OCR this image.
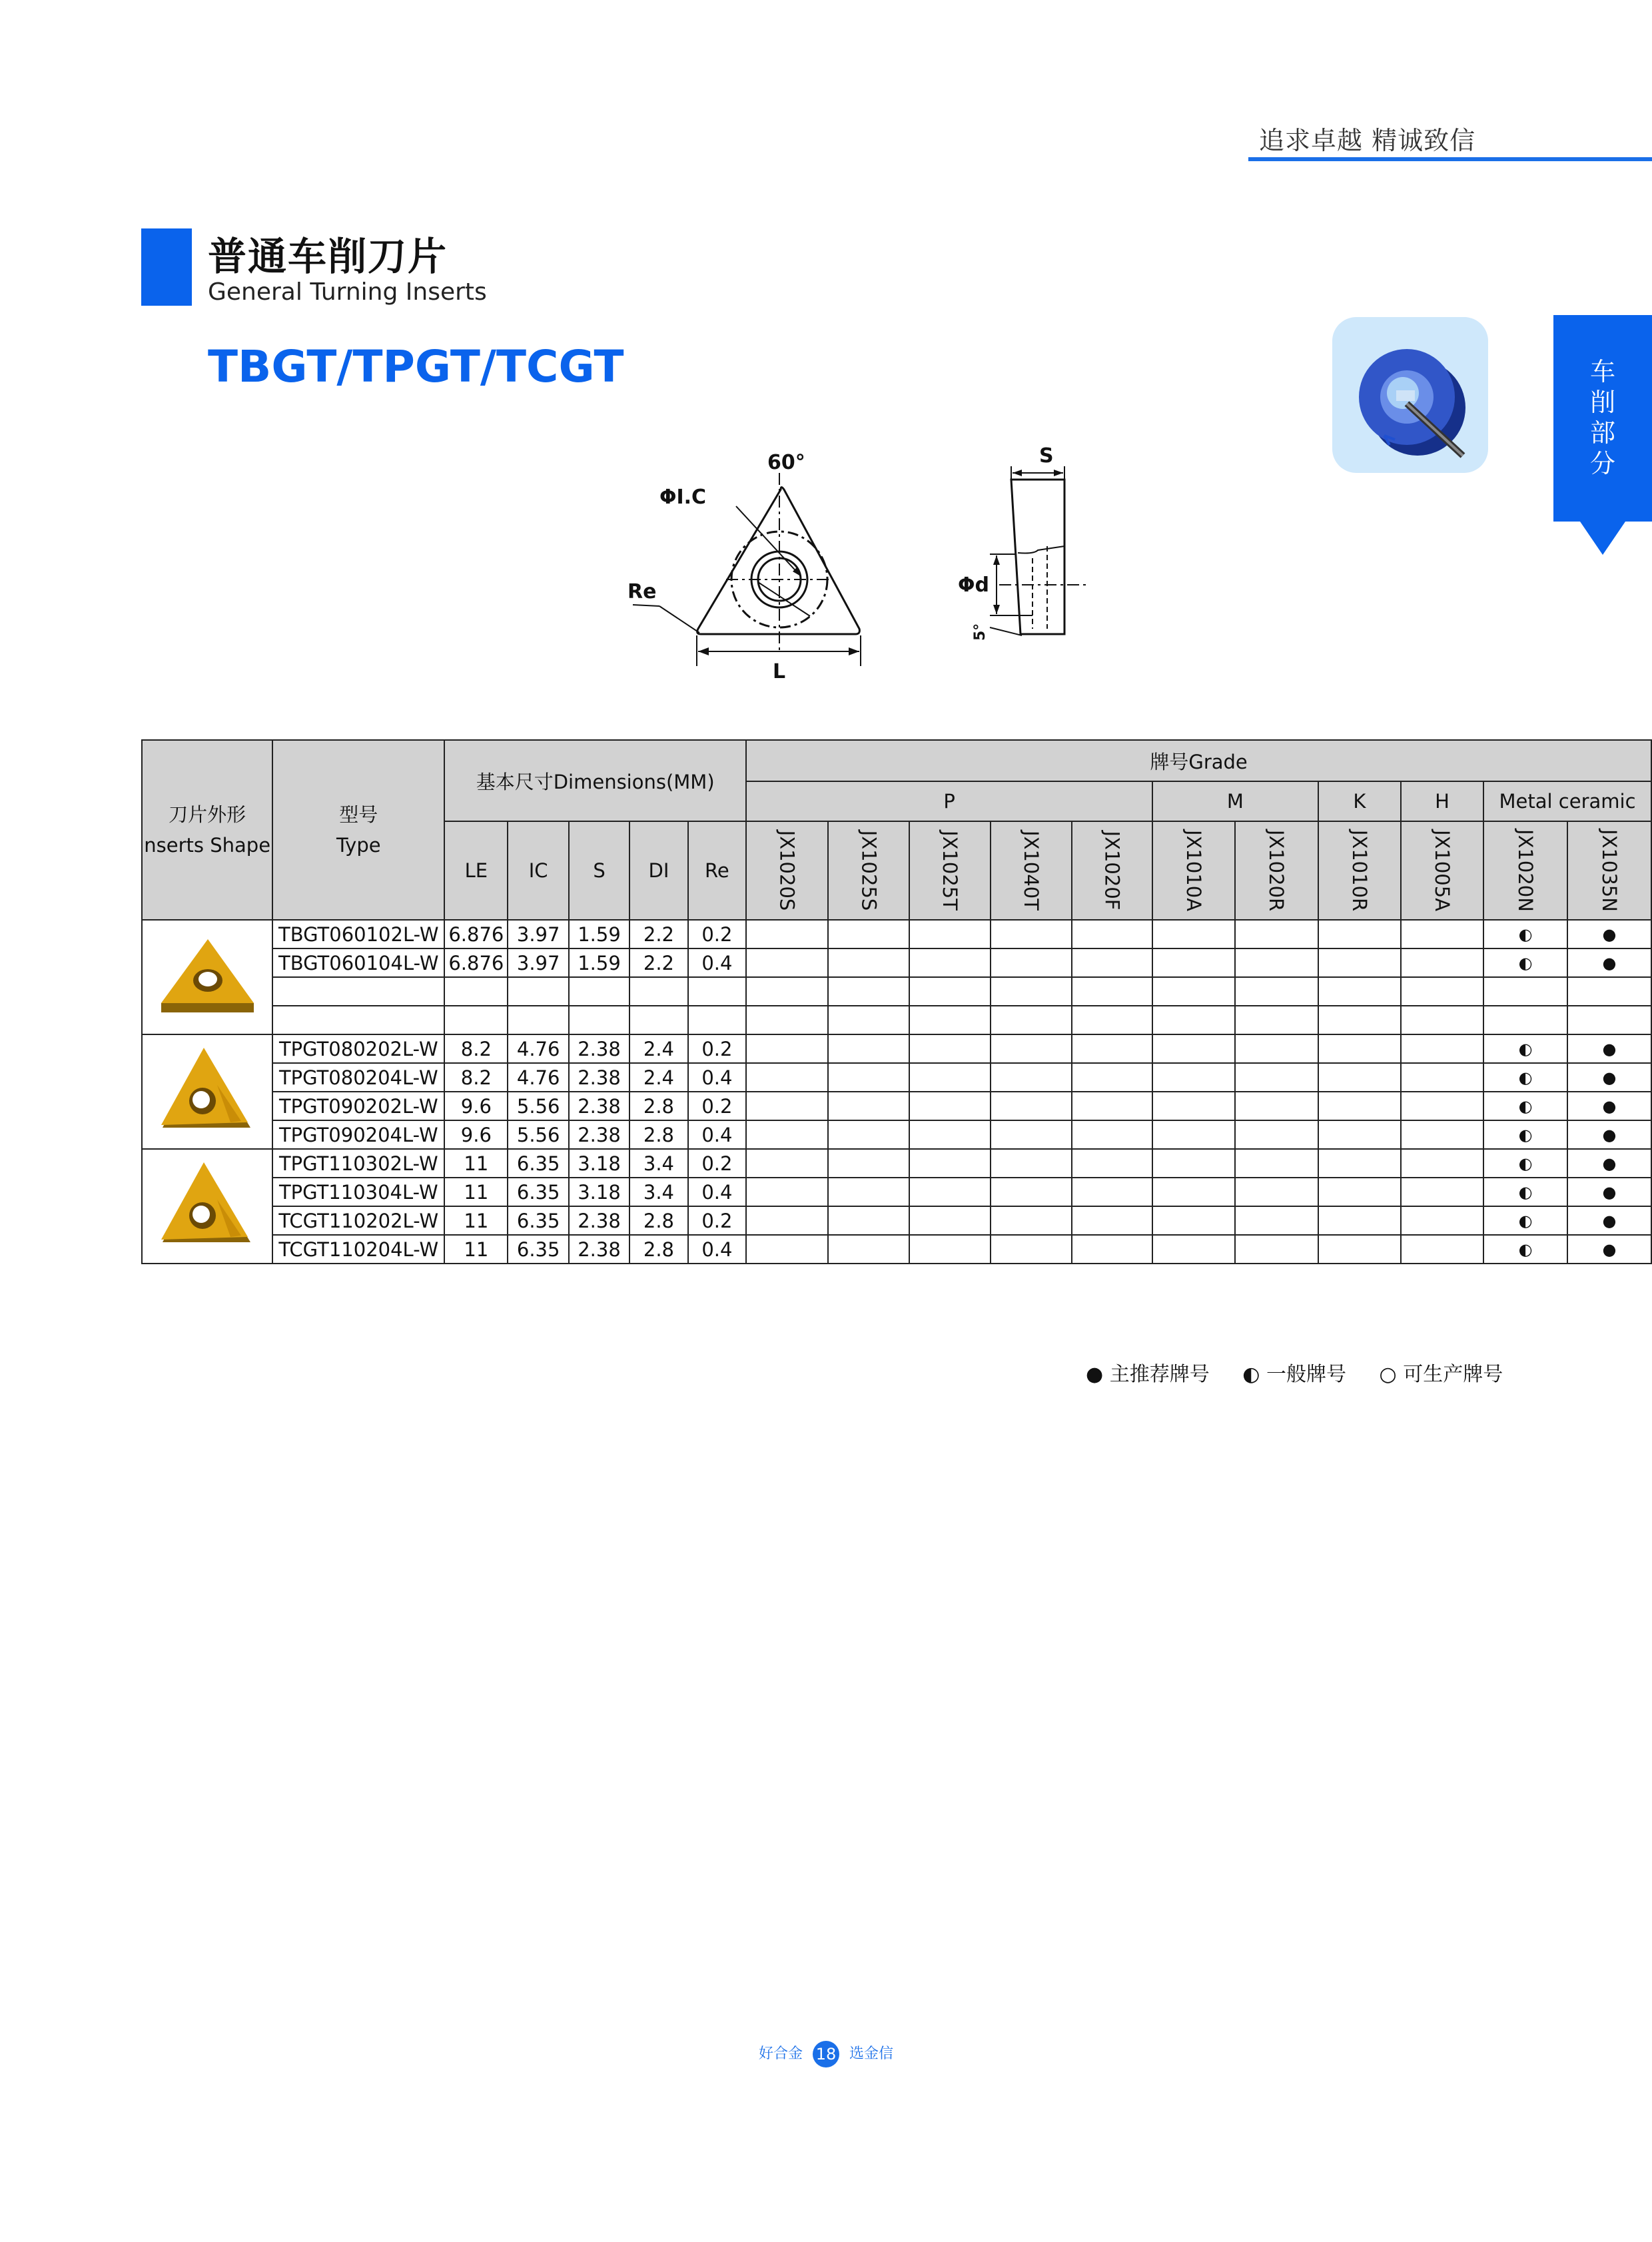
追求卓越 精诚致信
普通车削刀片
General Turning Inserts
TBGT/TPGT/TCGT	车
削
部
分
60°
ΦI.C
Re
L
S
Φd
5°
刀片外形
nserts Shape	型号
Type	基本尺寸Dimensions(MM)					牌号Grade										
							P					M		K	H	Metal ceramic	
		LE	IC	S	DI	Re	JX1020S	JX1025S	JX1025T	JX1040T	JX1020F	JX1010A	JX1020R	JX1010R	JX1005A	JX1020N	JX1035N

	TBGT060102L-W	6.876	3.97	1.59	2.2	0.2										◐	●
	TBGT060104L-W	6.876	3.97	1.59	2.2	0.4										◐	●

	TPGT080202L-W	8.2	4.76	2.38	2.4	0.2										◐	●
	TPGT080204L-W	8.2	4.76	2.38	2.4	0.4										◐	●
	TPGT090202L-W	9.6	5.56	2.38	2.8	0.2										◐	●
	TPGT090204L-W	9.6	5.56	2.38	2.8	0.4										◐	●

	TPGT110302L-W	11	6.35	3.18	3.4	0.2										◐	●
	TPGT110304L-W	11	6.35	3.18	3.4	0.4										◐	●
	TCGT110202L-W	11	6.35	2.38	2.8	0.2										◐	●
	TCGT110204L-W	11	6.35	2.38	2.8	0.4										◐	●
● 主推荐牌号 ◐ 一般牌号 ○ 可生产牌号
好合金 18 选金信
